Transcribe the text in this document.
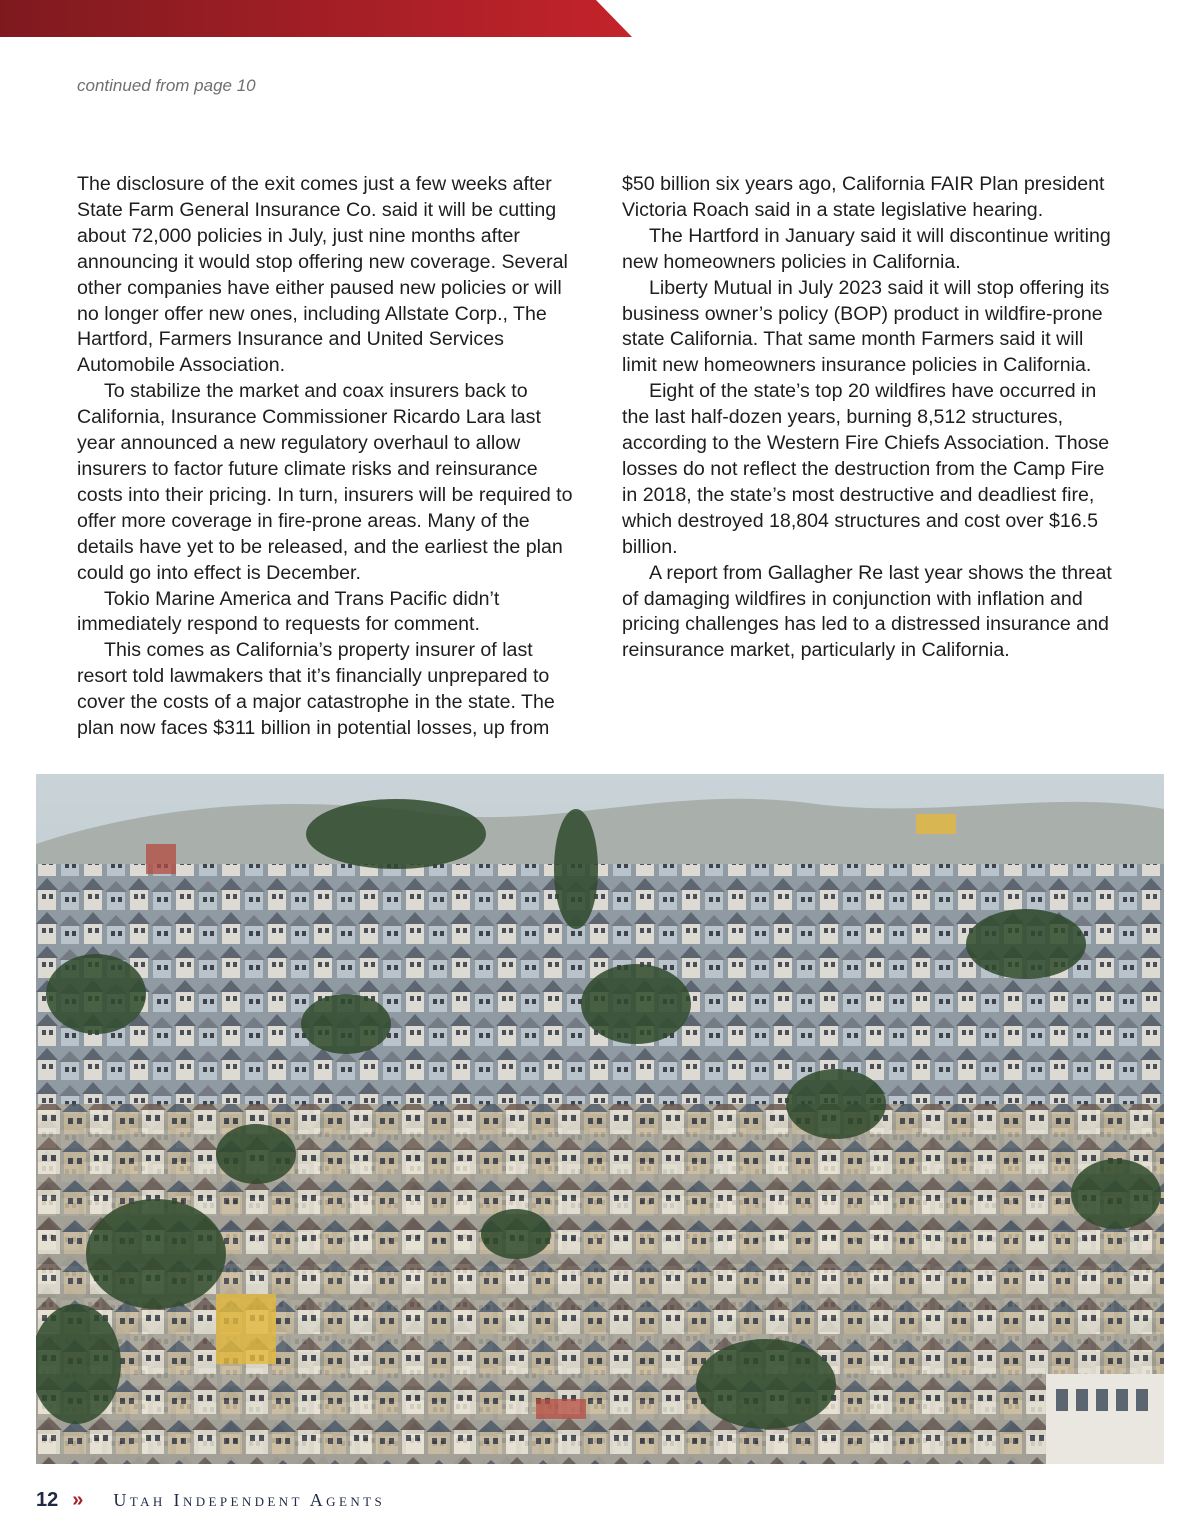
continued from page 10

The disclosure of the exit comes just a few weeks after State Farm General Insurance Co. said it will be cutting about 72,000 policies in July, just nine months after announcing it would stop offering new coverage. Several other companies have either paused new policies or will no longer offer new ones, including Allstate Corp., The Hartford, Farmers Insurance and United Services Automobile Association.

To stabilize the market and coax insurers back to California, Insurance Commissioner Ricardo Lara last year announced a new regulatory overhaul to allow insurers to factor future climate risks and reinsurance costs into their pricing. In turn, insurers will be required to offer more coverage in fire-prone areas. Many of the details have yet to be released, and the earliest the plan could go into effect is December.

Tokio Marine America and Trans Pacific didn’t immediately respond to requests for comment.

This comes as California’s property insurer of last resort told lawmakers that it’s financially unprepared to cover the costs of a major catastrophe in the state. The plan now faces $311 billion in potential losses, up from

$50 billion six years ago, California FAIR Plan president Victoria Roach said in a state legislative hearing.

The Hartford in January said it will discontinue writing new homeowners policies in California.

Liberty Mutual in July 2023 said it will stop offering its business owner’s policy (BOP) product in wildfire-prone state California. That same month Farmers said it will limit new homeowners insurance policies in California.

Eight of the state’s top 20 wildfires have occurred in the last half-dozen years, burning 8,512 structures, according to the Western Fire Chiefs Association. Those losses do not reflect the destruction from the Camp Fire in 2018, the state’s most destructive and deadliest fire, which destroyed 18,804 structures and cost over $16.5 billion.

A report from Gallagher Re last year shows the threat of damaging wildfires in conjunction with inflation and pricing challenges has led to a distressed insurance and reinsurance market, particularly in California.

12 » Utah Independent Agents
